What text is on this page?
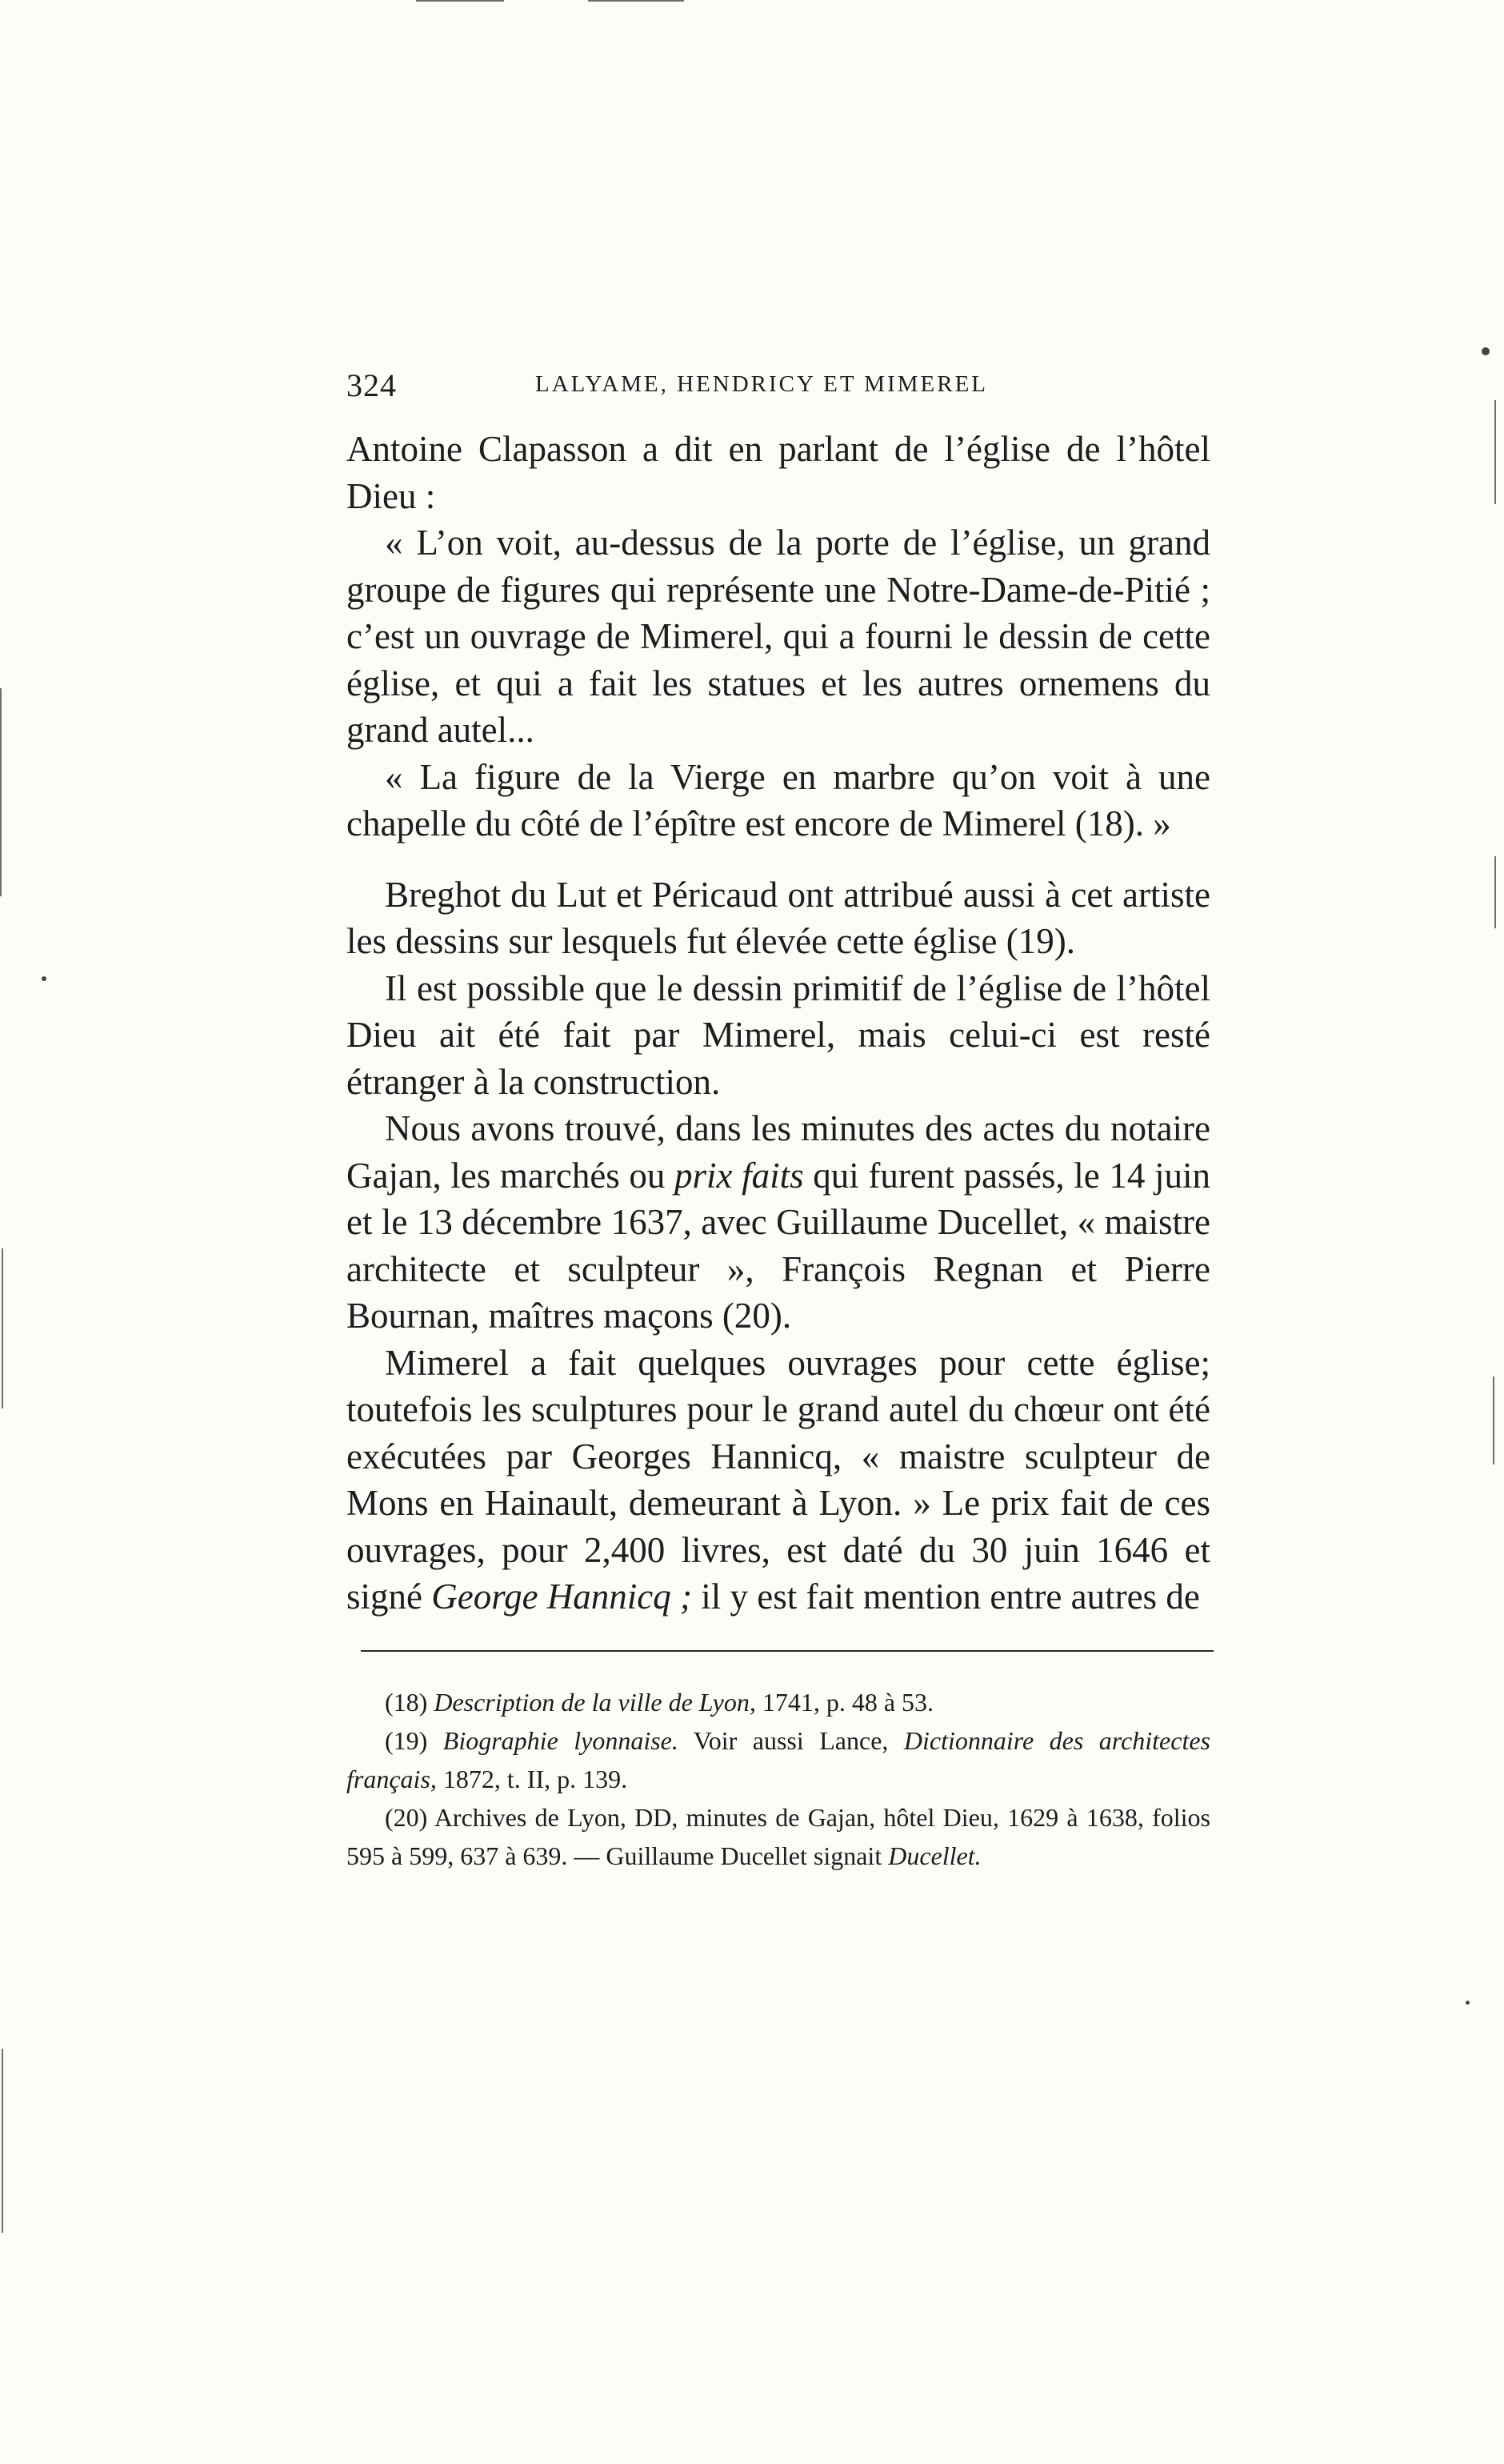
324	LALYAME, HENDRICY ET MIMEREL

Antoine Clapasson a dit en parlant de l’église de l’hôtel Dieu :

« L’on voit, au-dessus de la porte de l’église, un grand groupe de figures qui représente une Notre-Dame-de-Pitié ; c’est un ouvrage de Mimerel, qui a fourni le dessin de cette église, et qui a fait les statues et les autres ornemens du grand autel...

« La figure de la Vierge en marbre qu’on voit à une chapelle du côté de l’épître est encore de Mimerel (18). »

Breghot du Lut et Péricaud ont attribué aussi à cet artiste les dessins sur lesquels fut élevée cette église (19).

Il est possible que le dessin primitif de l’église de l’hôtel Dieu ait été fait par Mimerel, mais celui-ci est resté étranger à la construction.

Nous avons trouvé, dans les minutes des actes du notaire Gajan, les marchés ou prix faits qui furent passés, le 14 juin et le 13 décembre 1637, avec Guillaume Ducellet, « maistre architecte et sculpteur », François Regnan et Pierre Bournan, maîtres maçons (20).

Mimerel a fait quelques ouvrages pour cette église; toutefois les sculptures pour le grand autel du chœur ont été exécutées par Georges Hannicq, « maistre sculpteur de Mons en Hainault, demeurant à Lyon. » Le prix fait de ces ouvrages, pour 2,400 livres, est daté du 30 juin 1646 et signé George Hannicq ; il y est fait mention entre autres de

(18) Description de la ville de Lyon, 1741, p. 48 à 53.

(19) Biographie lyonnaise. Voir aussi Lance, Dictionnaire des architectes français, 1872, t. II, p. 139.

(20) Archives de Lyon, DD, minutes de Gajan, hôtel Dieu, 1629 à 1638, folios 595 à 599, 637 à 639. — Guillaume Ducellet signait Ducellet.
